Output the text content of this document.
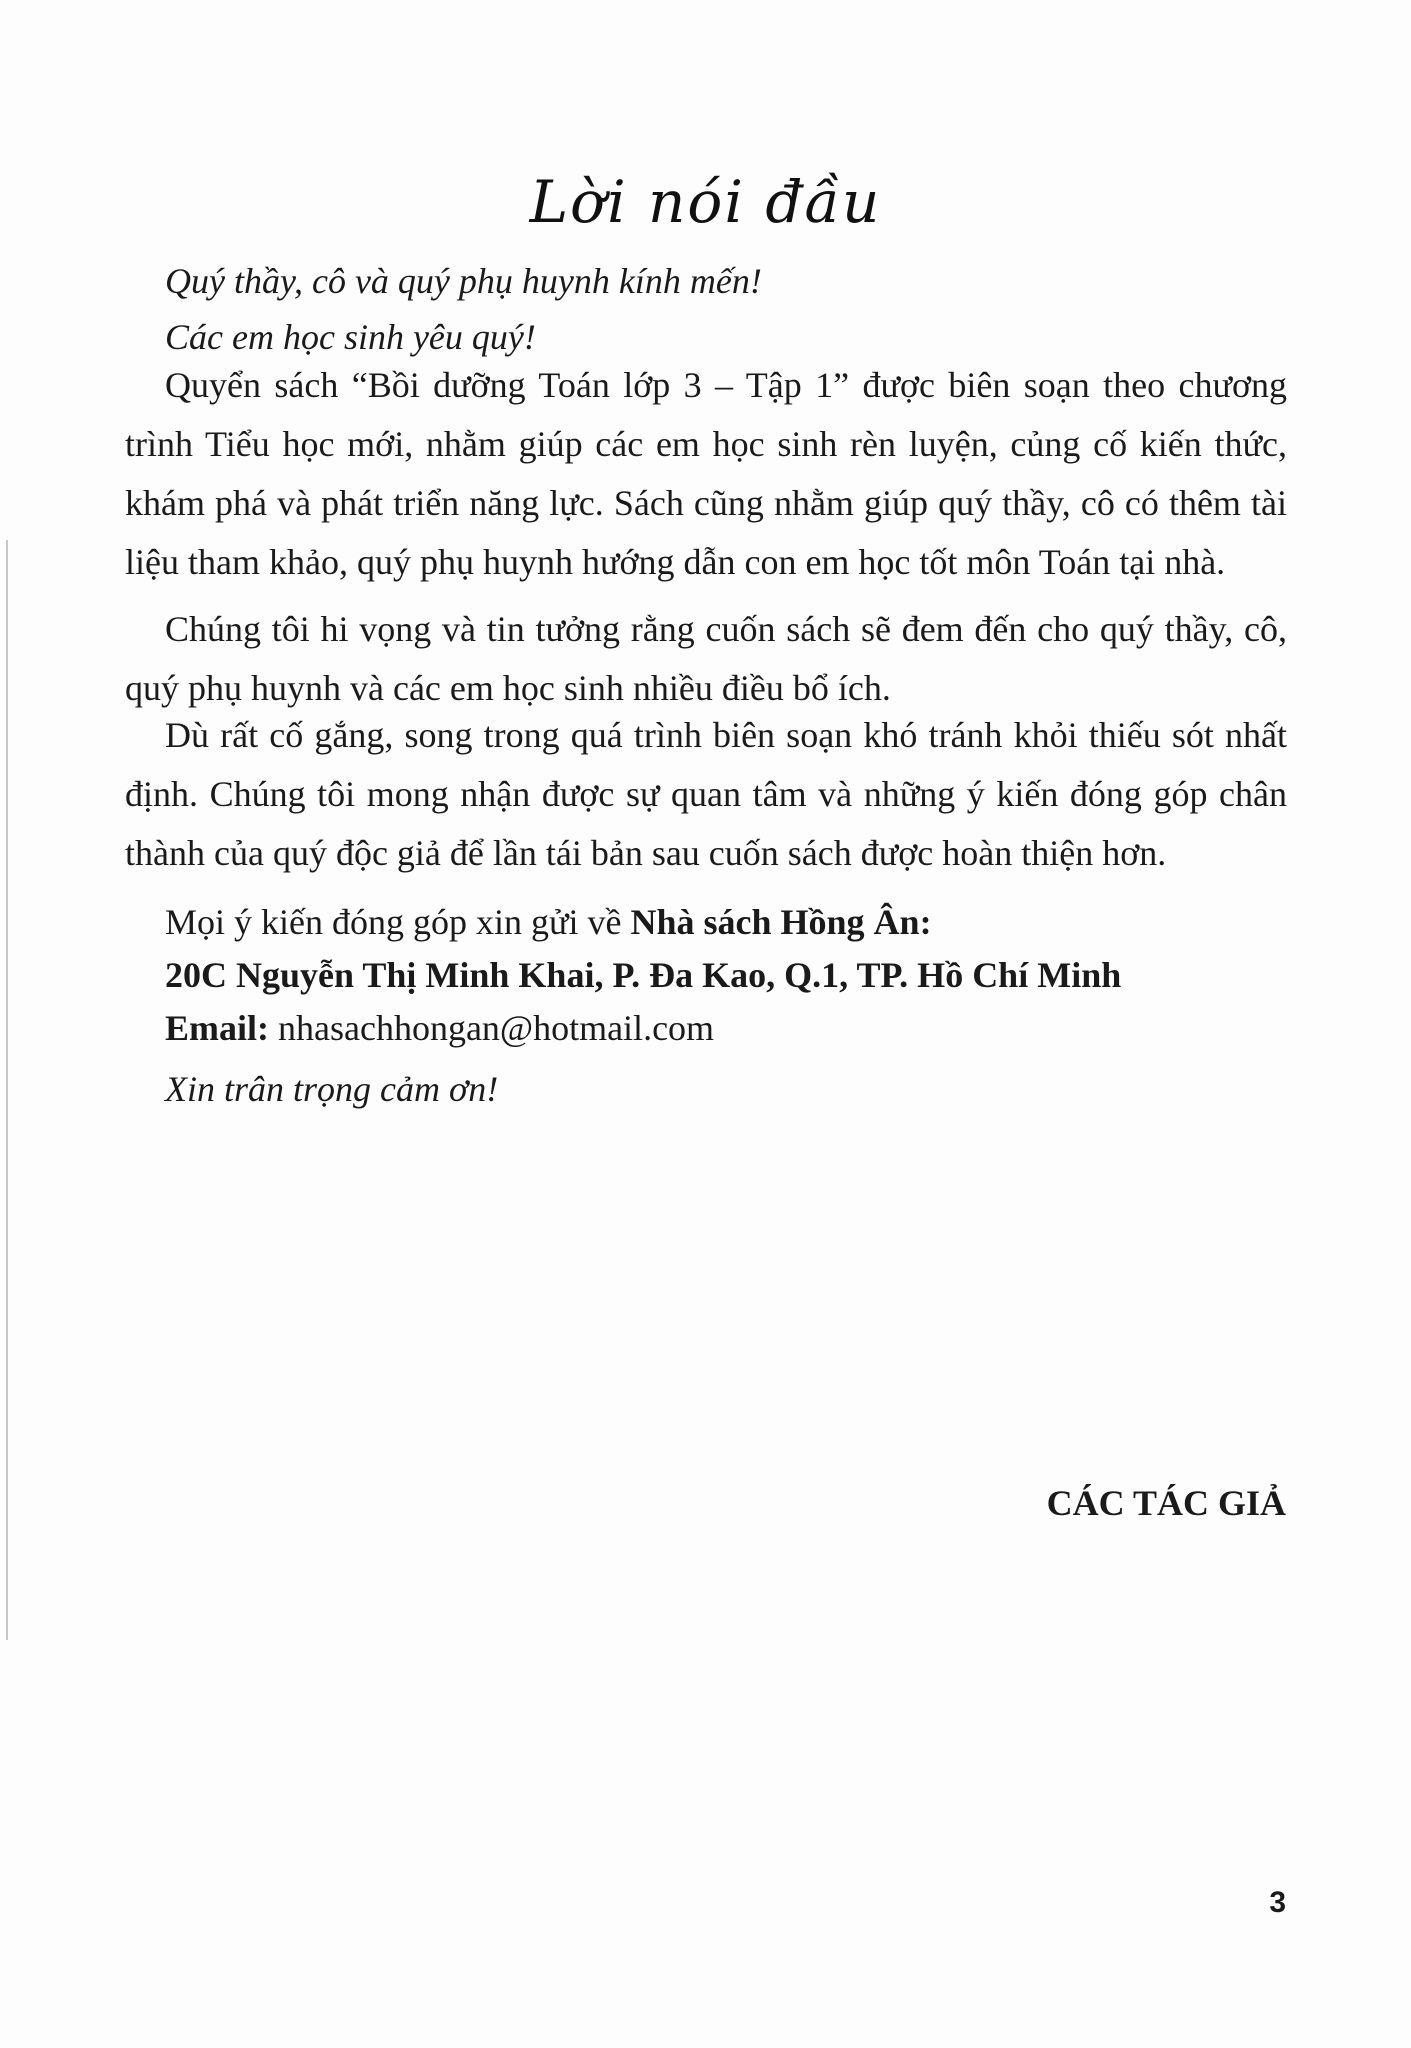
Lời nói đầu
Quý thầy, cô và quý phụ huynh kính mến!
Các em học sinh yêu quý!
Quyển sách “Bồi dưỡng Toán lớp 3 – Tập 1” được biên soạn theo chương trình Tiểu học mới, nhằm giúp các em học sinh rèn luyện, củng cố kiến thức, khám phá và phát triển năng lực. Sách cũng nhằm giúp quý thầy, cô có thêm tài liệu tham khảo, quý phụ huynh hướng dẫn con em học tốt môn Toán tại nhà.
Chúng tôi hi vọng và tin tưởng rằng cuốn sách sẽ đem đến cho quý thầy, cô, quý phụ huynh và các em học sinh nhiều điều bổ ích.
Dù rất cố gắng, song trong quá trình biên soạn khó tránh khỏi thiếu sót nhất định. Chúng tôi mong nhận được sự quan tâm và những ý kiến đóng góp chân thành của quý độc giả để lần tái bản sau cuốn sách được hoàn thiện hơn.
Mọi ý kiến đóng góp xin gửi về Nhà sách Hồng Ân:
20C Nguyễn Thị Minh Khai, P. Đa Kao, Q.1, TP. Hồ Chí Minh
Email: nhasachhongan@hotmail.com
Xin trân trọng cảm ơn!
CÁC TÁC GIẢ
3
